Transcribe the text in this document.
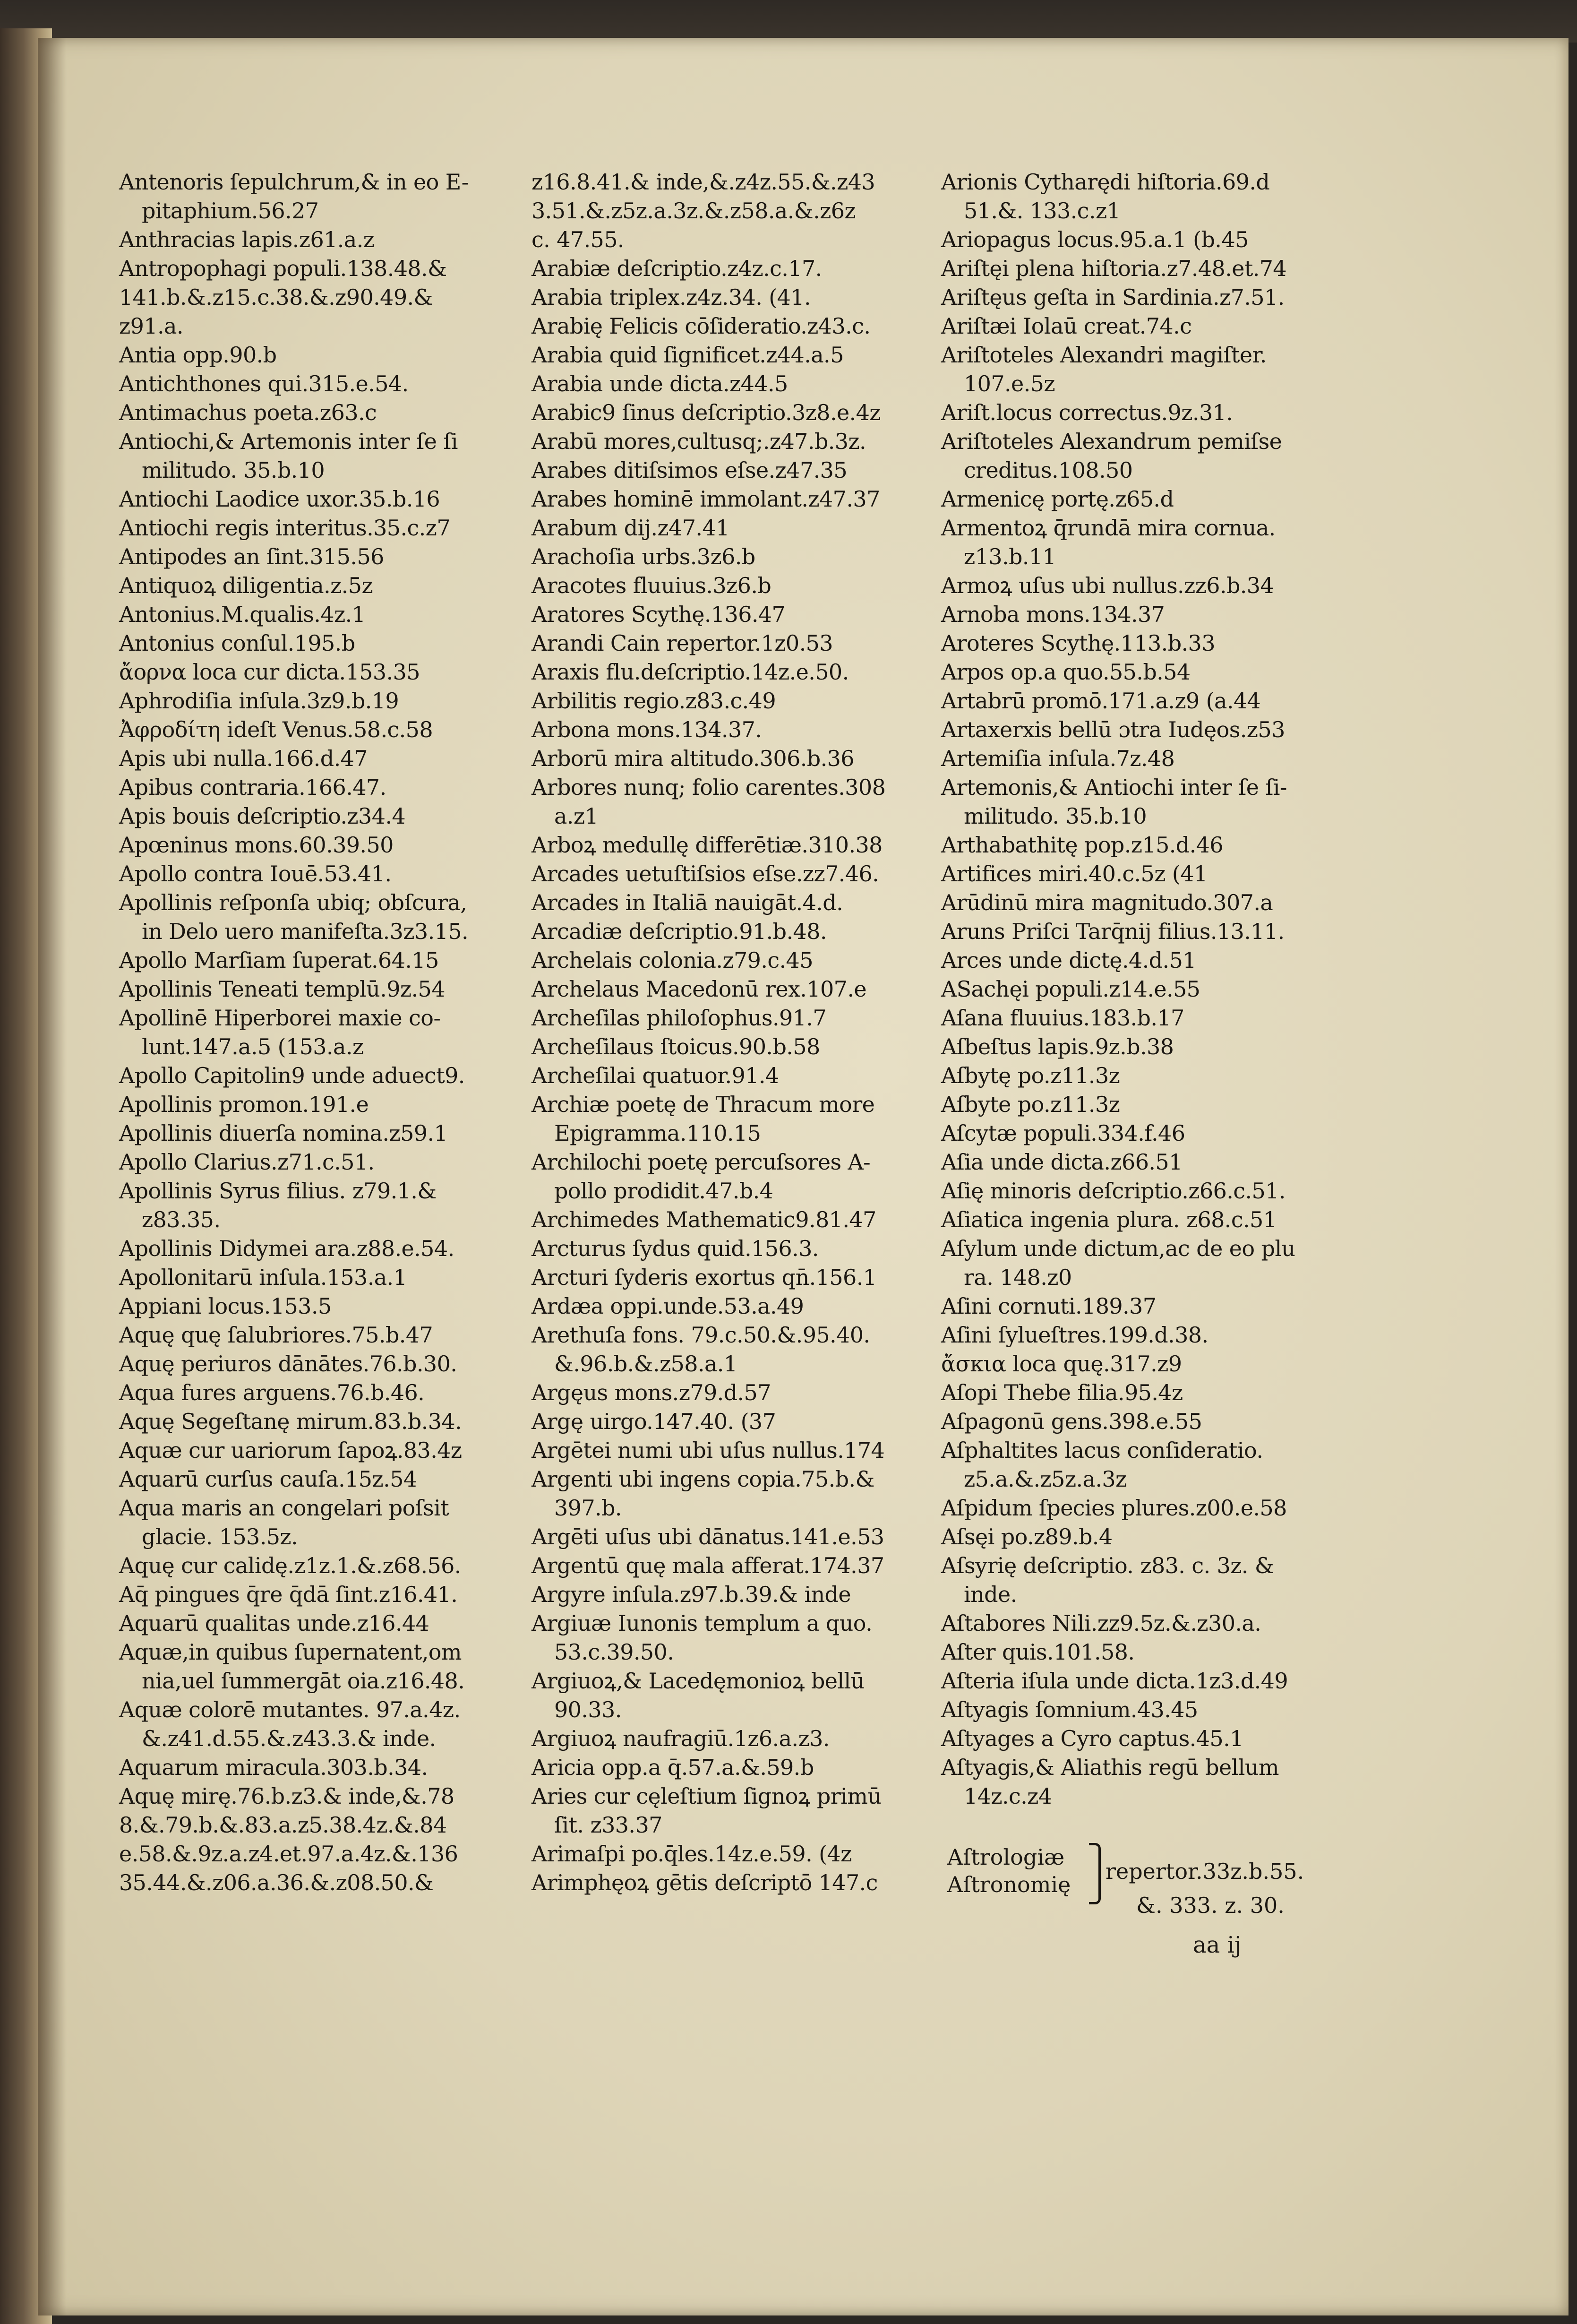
Antenoris ſepulchrum,& in eo E-
pitaphium.56.27
Anthracias lapis.z61.a.z
Antropophagi populi.138.48.&
141.b.&.z15.c.38.&.z90.49.&
z91.a.
Antia opp.90.b
Antichthones qui.315.e.54.
Antimachus poeta.z63.c
Antiochi,& Artemonis inter ſe ſi
militudo. 35.b.10
Antiochi Laodice uxor.35.b.16
Antiochi regis interitus.35.c.z7
Antipodes an ſint.315.56
Antiquoꝝ diligentia.z.5z
Antonius.M.qualis.4z.1
Antonius conſul.195.b
ἄορνα loca cur dicta.153.35
Aphrodiſia inſula.3z9.b.19
Ἀφροδίτη ideſt Venus.58.c.58
Apis ubi nulla.166.d.47
Apibus contraria.166.47.
Apis bouis deſcriptio.z34.4
Apœninus mons.60.39.50
Apollo contra Iouē.53.41.
Apollinis reſponſa ubiq; obſcura,
in Delo uero manifeſta.3z3.15.
Apollo Marſiam ſuperat.64.15
Apollinis Teneati templū.9z.54
Apollinē Hiperborei maxie co-
lunt.147.a.5 (153.a.z
Apollo Capitolin9 unde aduect9.
Apollinis promon.191.e
Apollinis diuerſa nomina.z59.1
Apollo Clarius.z71.c.51.
Apollinis Syrus filius. z79.1.&
z83.35.
Apollinis Didymei ara.z88.e.54.
Apollonitarū inſula.153.a.1
Appiani locus.153.5
Aquę quę ſalubriores.75.b.47
Aquę periuros dānātes.76.b.30.
Aqua fures arguens.76.b.46.
Aquę Segeſtanę mirum.83.b.34.
Aquæ cur uariorum ſapoꝝ.83.4z
Aquarū curſus cauſa.15z.54
Aqua maris an congelari poſsit
glacie. 153.5z.
Aquę cur calidę.z1z.1.&.z68.56.
Aq̄ pingues q̄re q̄dā ſint.z16.41.
Aquarū qualitas unde.z16.44
Aquæ,in quibus ſupernatent,om
nia,uel ſummergāt oia.z16.48.
Aquæ colorē mutantes. 97.a.4z.
&.z41.d.55.&.z43.3.& inde.
Aquarum miracula.303.b.34.
Aquę mirę.76.b.z3.& inde,&.78
8.&.79.b.&.83.a.z5.38.4z.&.84
e.58.&.9z.a.z4.et.97.a.4z.&.136
35.44.&.z06.a.36.&.z08.50.&
z16.8.41.& inde,&.z4z.55.&.z43
3.51.&.z5z.a.3z.&.z58.a.&.z6z
c. 47.55.
Arabiæ deſcriptio.z4z.c.17.
Arabia triplex.z4z.34. (41.
Arabię Felicis cōſideratio.z43.c.
Arabia quid ſignificet.z44.a.5
Arabia unde dicta.z44.5
Arabic9 ſinus deſcriptio.3z8.e.4z
Arabū mores,cultusq;.z47.b.3z.
Arabes ditiſsimos eſse.z47.35
Arabes hominē immolant.z47.37
Arabum dij.z47.41
Arachoſia urbs.3z6.b
Aracotes fluuius.3z6.b
Aratores Scythę.136.47
Arandi Cain repertor.1z0.53
Araxis flu.deſcriptio.14z.e.50.
Arbilitis regio.z83.c.49
Arbona mons.134.37.
Arborū mira altitudo.306.b.36
Arbores nunq; folio carentes.308
a.z1
Arboꝝ medullę differētiæ.310.38
Arcades uetuſtiſsios eſse.zz7.46.
Arcades in Italiā nauigāt.4.d.
Arcadiæ deſcriptio.91.b.48.
Archelais colonia.z79.c.45
Archelaus Macedonū rex.107.e
Archeſilas philoſophus.91.7
Archeſilaus ſtoicus.90.b.58
Archeſilai quatuor.91.4
Archiæ poetę de Thracum more
Epigramma.110.15
Archilochi poetę percuſsores A-
pollo prodidit.47.b.4
Archimedes Mathematic9.81.47
Arcturus ſydus quid.156.3.
Arcturi ſyderis exortus qn̄.156.1
Ardæa oppi.unde.53.a.49
Arethuſa fons. 79.c.50.&.95.40.
&.96.b.&.z58.a.1
Argęus mons.z79.d.57
Argę uirgo.147.40. (37
Argētei numi ubi uſus nullus.174
Argenti ubi ingens copia.75.b.&
397.b.
Argēti uſus ubi dānatus.141.e.53
Argentū quę mala afferat.174.37
Argyre inſula.z97.b.39.& inde
Argiuæ Iunonis templum a quo.
53.c.39.50.
Argiuoꝝ,& Lacedęmonioꝝ bellū
90.33.
Argiuoꝝ naufragiū.1z6.a.z3.
Aricia opp.a q̄.57.a.&.59.b
Aries cur cęleſtium ſignoꝝ primū
ſit. z33.37
Arimaſpi po.q̄les.14z.e.59. (4z
Arimphęoꝝ gētis deſcriptō 147.c
Arionis Cytharędi hiſtoria.69.d
51.&. 133.c.z1
Ariopagus locus.95.a.1 (b.45
Ariſtęi plena hiſtoria.z7.48.et.74
Ariſtęus geſta in Sardinia.z7.51.
Ariſtæi Iolaū creat.74.c
Ariſtoteles Alexandri magiſter.
107.e.5z
Ariſt.locus correctus.9z.31.
Ariſtoteles Alexandrum pemiſse
creditus.108.50
Armenicę portę.z65.d
Armentoꝝ q̄rundā mira cornua.
z13.b.11
Armoꝝ uſus ubi nullus.zz6.b.34
Arnoba mons.134.37
Aroteres Scythę.113.b.33
Arpos op.a quo.55.b.54
Artabrū promō.171.a.z9 (a.44
Artaxerxis bellū ɔtra Iudęos.z53
Artemiſia inſula.7z.48
Artemonis,& Antiochi inter ſe ſi-
militudo. 35.b.10
Arthabathitę pop.z15.d.46
Artifices miri.40.c.5z (41
Arūdinū mira magnitudo.307.a
Aruns Priſci Tarq̄nij filius.13.11.
Arces unde dictę.4.d.51
ASachęi populi.z14.e.55
Aſana fluuius.183.b.17
Aſbeſtus lapis.9z.b.38
Aſbytę po.z11.3z
Aſbyte po.z11.3z
Aſcytæ populi.334.f.46
Aſia unde dicta.z66.51
Aſię minoris deſcriptio.z66.c.51.
Aſiatica ingenia plura. z68.c.51
Aſylum unde dictum,ac de eo plu
ra. 148.z0
Aſini cornuti.189.37
Aſini ſylueſtres.199.d.38.
ἄσκια loca quę.317.z9
Aſopi Thebe filia.95.4z
Aſpagonū gens.398.e.55
Aſphaltites lacus conſideratio.
z5.a.&.z5z.a.3z
Aſpidum ſpecies plures.z00.e.58
Aſsęi po.z89.b.4
Aſsyrię deſcriptio. z83. c. 3z. &
inde.
Aſtabores Nili.zz9.5z.&.z30.a.
Aſter quis.101.58.
Aſteria iſula unde dicta.1z3.d.49
Aſtyagis ſomnium.43.45
Aſtyages a Cyro captus.45.1
Aſtyagis,& Aliathis regū bellum
14z.c.z4
Aſtrologiæ
Aſtronomię
repertor.33z.b.55.
&. 333. z. 30.
aa ij
